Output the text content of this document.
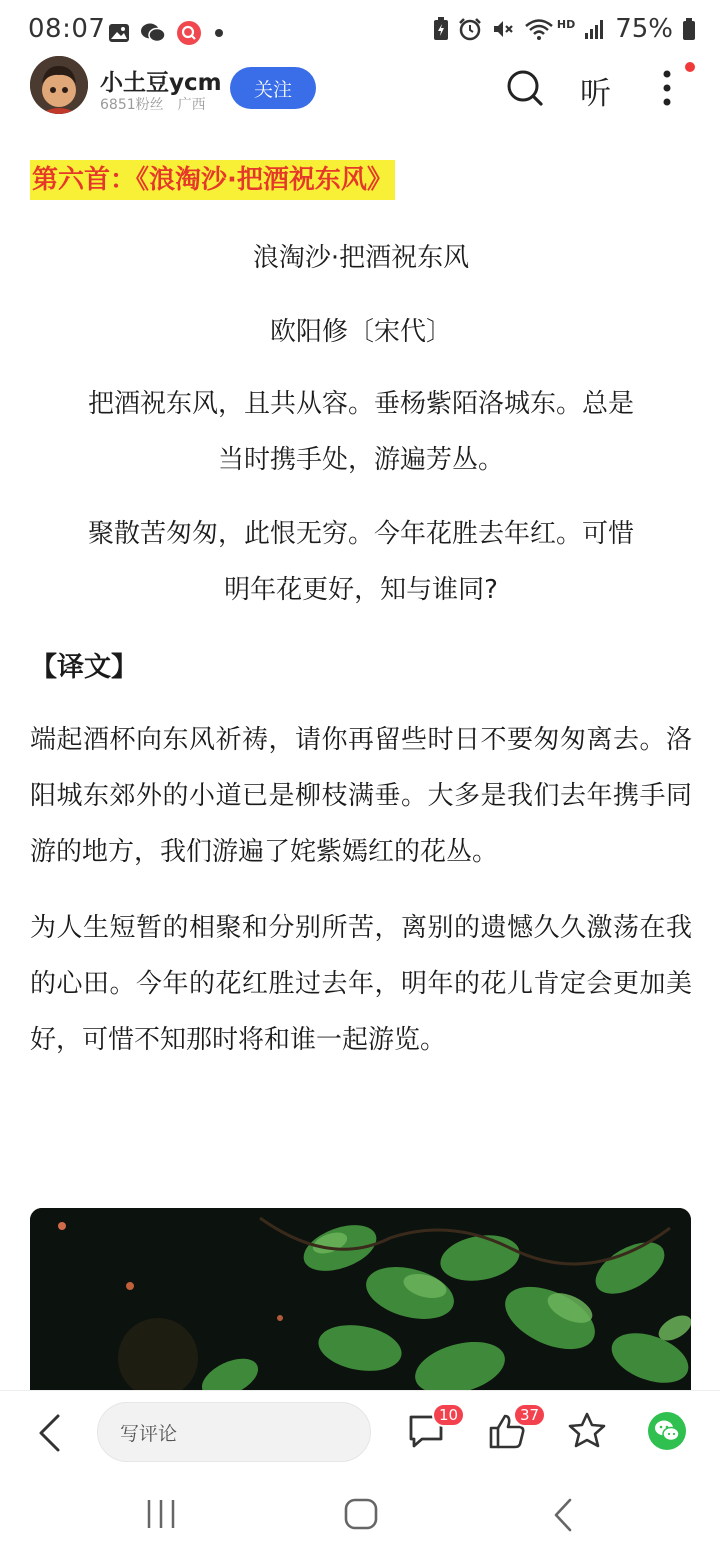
08:07	HD 75%
小土豆ycm
6851粉丝 广西
关注	听
第六首：《浪淘沙·把酒祝东风》
浪淘沙·把酒祝东风
欧阳修〔宋代〕
把酒祝东风，且共从容。垂杨紫陌洛城东。总是
当时携手处，游遍芳丛。
聚散苦匆匆，此恨无穷。今年花胜去年红。可惜
明年花更好，知与谁同?
【译文】
端起酒杯向东风祈祷，请你再留些时日不要匆匆离去。洛阳城东郊外的小道已是柳枝满垂。大多是我们去年携手同游的地方，我们游遍了姹紫嫣红的花丛。
为人生短暂的相聚和分别所苦，离别的遗憾久久激荡在我的心田。今年的花红胜过去年，明年的花儿肯定会更加美好，可惜不知那时将和谁一起游览。
写评论
10	37
